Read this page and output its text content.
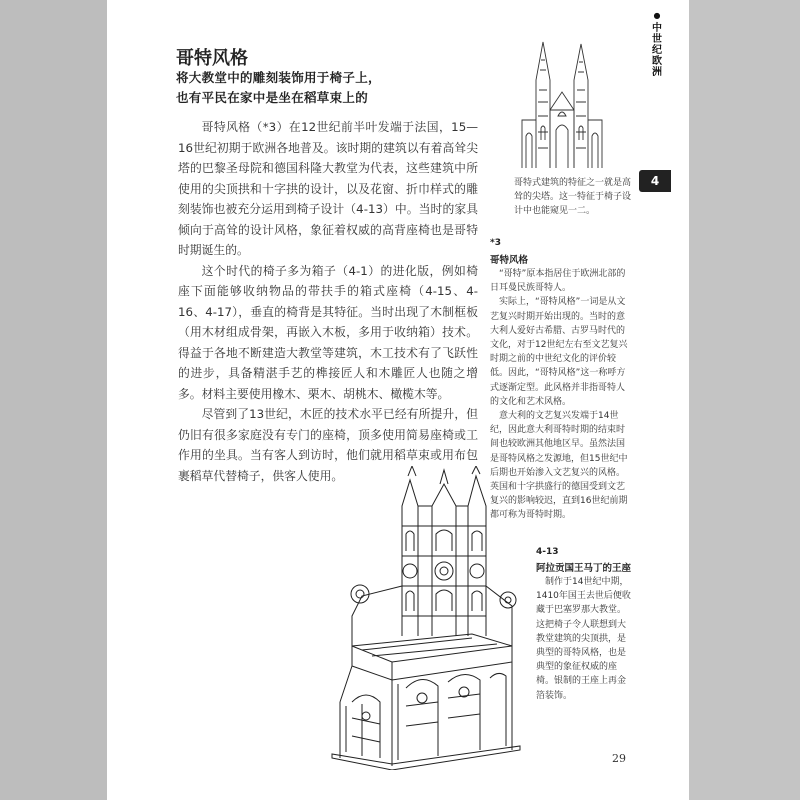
哥特风格
将大教堂中的雕刻装饰用于椅子上，
也有平民在家中是坐在稻草束上的

哥特风格（*3）在12世纪前半叶发端于法国，15—16世纪初期于欧洲各地普及。该时期的建筑以有着高耸尖塔的巴黎圣母院和德国科隆大教堂为代表，这些建筑中所使用的尖顶拱和十字拱的设计，以及花窗、折巾样式的雕刻装饰也被充分运用到椅子设计（4-13）中。当时的家具倾向于高耸的设计风格，象征着权威的高背座椅也是哥特时期诞生的。

这个时代的椅子多为箱子（4-1）的进化版，例如椅座下面能够收纳物品的带扶手的箱式座椅（4-15、4-16、4-17），垂直的椅背是其特征。当时出现了木制框板（用木材组成骨架，再嵌入木板，多用于收纳箱）技术。得益于各地不断建造大教堂等建筑，木工技术有了飞跃性的进步，具备精湛手艺的榫接匠人和木雕匠人也随之增多。材料主要使用橡木、栗木、胡桃木、橄榄木等。

尽管到了13世纪，木匠的技术水平已经有所提升，但仍旧有很多家庭没有专门的座椅，顶多使用简易座椅或工作用的坐具。当有客人到访时，他们就用稻草束或用布包裹稻草代替椅子，供客人使用。

●
中世纪欧洲
4
哥特式建筑的特征之一就是高耸的尖塔。这一特征于椅子设计中也能窥见一二。
*3
哥特风格

“哥特”原本指居住于欧洲北部的日耳曼民族哥特人。

实际上，“哥特风格”一词是从文艺复兴时期开始出现的。当时的意大利人爱好古希腊、古罗马时代的文化，对于12世纪左右至文艺复兴时期之前的中世纪文化的评价较低。因此，“哥特风格”这一称呼方式逐渐定型。此风格并非指哥特人的文化和艺术风格。

意大利的文艺复兴发端于14世纪，因此意大利哥特时期的结束时间也较欧洲其他地区早。虽然法国是哥特风格之发源地，但15世纪中后期也开始渗入文艺复兴的风格。英国和十字拱盛行的德国受到文艺复兴的影响较迟，直到16世纪前期都可称为哥特时期。

4-13
阿拉贡国王马丁的王座

制作于14世纪中期，1410年国王去世后便收藏于巴塞罗那大教堂。这把椅子令人联想到大教堂建筑的尖顶拱，是典型的哥特风格，也是典型的象征权威的座椅。银制的王座上再金箔装饰。

29
